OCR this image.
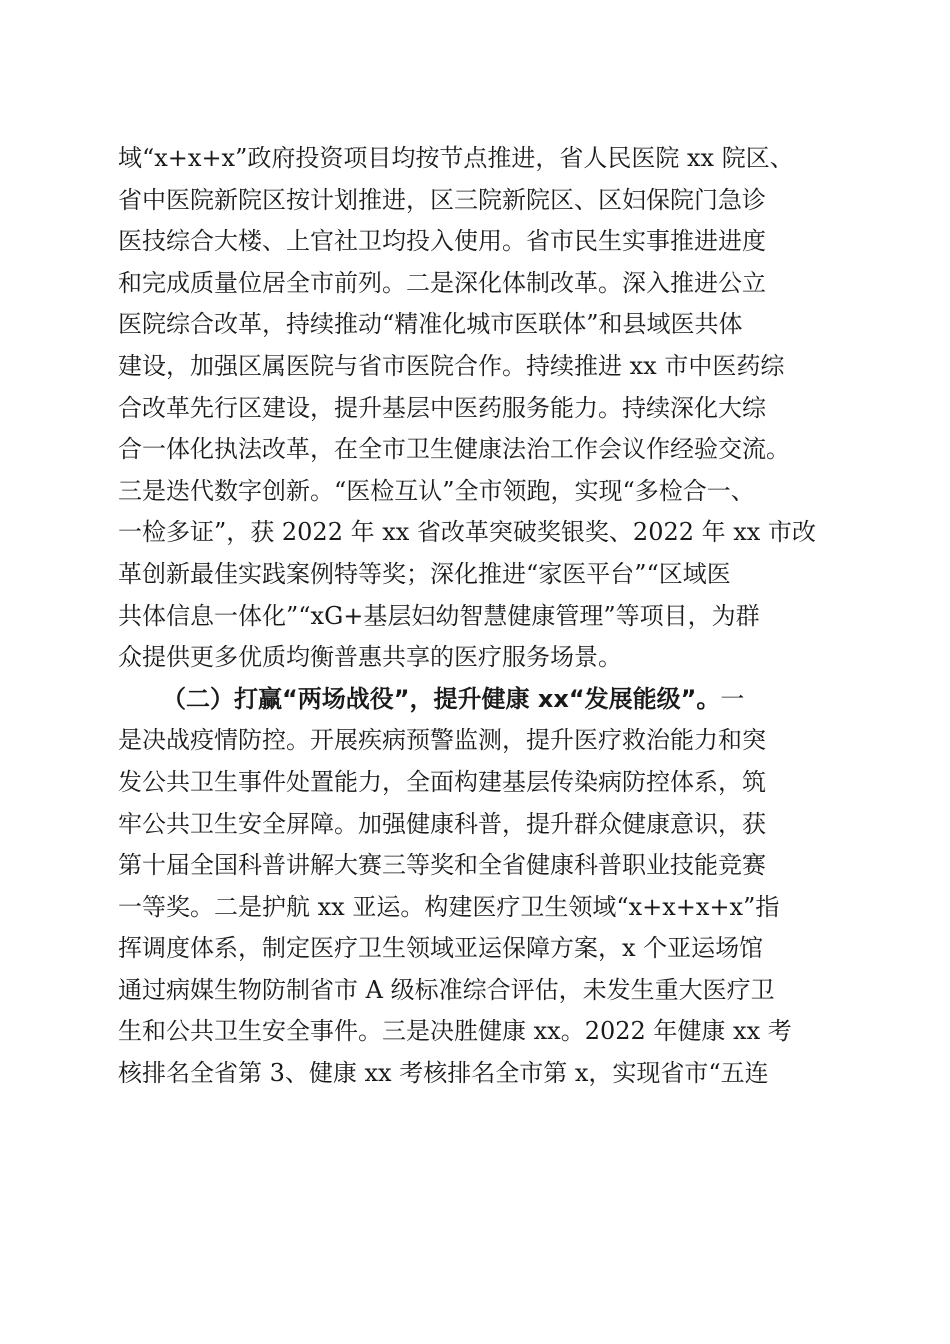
域“x+x+x”政府投资项目均按节点推进，省人民医院 xx 院区、
省中医院新院区按计划推进，区三院新院区、区妇保院门急诊
医技综合大楼、上官社卫均投入使用。省市民生实事推进进度
和完成质量位居全市前列。二是深化体制改革。深入推进公立
医院综合改革，持续推动“精准化城市医联体”和县域医共体
建设，加强区属医院与省市医院合作。持续推进 xx 市中医药综
合改革先行区建设，提升基层中医药服务能力。持续深化大综
合一体化执法改革，在全市卫生健康法治工作会议作经验交流。
三是迭代数字创新。“医检互认”全市领跑，实现“多检合一、
一检多证”，获 2022 年 xx 省改革突破奖银奖、2022 年 xx 市改
革创新最佳实践案例特等奖；深化推进“家医平台”“区域医
共体信息一体化”“xG+基层妇幼智慧健康管理”等项目，为群
众提供更多优质均衡普惠共享的医疗服务场景。
（二）打赢“两场战役”，提升健康 xx“发展能级”。一
是决战疫情防控。开展疾病预警监测，提升医疗救治能力和突
发公共卫生事件处置能力，全面构建基层传染病防控体系，筑
牢公共卫生安全屏障。加强健康科普，提升群众健康意识，获
第十届全国科普讲解大赛三等奖和全省健康科普职业技能竞赛
一等奖。二是护航 xx 亚运。构建医疗卫生领域“x+x+x+x”指
挥调度体系，制定医疗卫生领域亚运保障方案，x 个亚运场馆
通过病媒生物防制省市 A 级标准综合评估，未发生重大医疗卫
生和公共卫生安全事件。三是决胜健康 xx。2022 年健康 xx 考
核排名全省第 3、健康 xx 考核排名全市第 x，实现省市“五连
